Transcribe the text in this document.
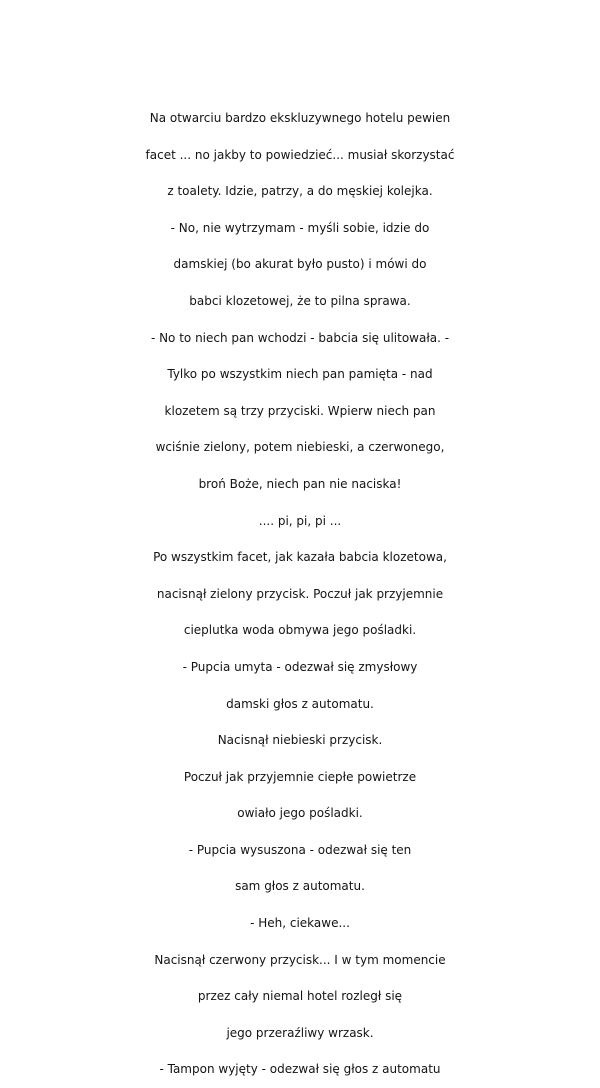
Na otwarciu bardzo ekskluzywnego hotelu pewien
facet ... no jakby to powiedzieć... musiał skorzystać
z toalety. Idzie, patrzy, a do męskiej kolejka.
- No, nie wytrzymam - myśli sobie, idzie do
damskiej (bo akurat było pusto) i mówi do
babci klozetowej, że to pilna sprawa.
- No to niech pan wchodzi - babcia się ulitowała. -
Tylko po wszystkim niech pan pamięta - nad
klozetem są trzy przyciski. Wpierw niech pan
wciśnie zielony, potem niebieski, a czerwonego,
broń Boże, niech pan nie naciska!
.... pi, pi, pi ...
Po wszystkim facet, jak kazała babcia klozetowa,
nacisnął zielony przycisk. Poczuł jak przyjemnie
cieplutka woda obmywa jego pośladki.
- Pupcia umyta - odezwał się zmysłowy
damski głos z automatu.
Nacisnął niebieski przycisk.
Poczuł jak przyjemnie ciepłe powietrze
owiało jego pośladki.
- Pupcia wysuszona - odezwał się ten
sam głos z automatu.
- Heh, ciekawe...
Nacisnął czerwony przycisk... I w tym momencie
przez cały niemal hotel rozległ się
jego przeraźliwy wrzask.
- Tampon wyjęty - odezwał się głos z automatu
